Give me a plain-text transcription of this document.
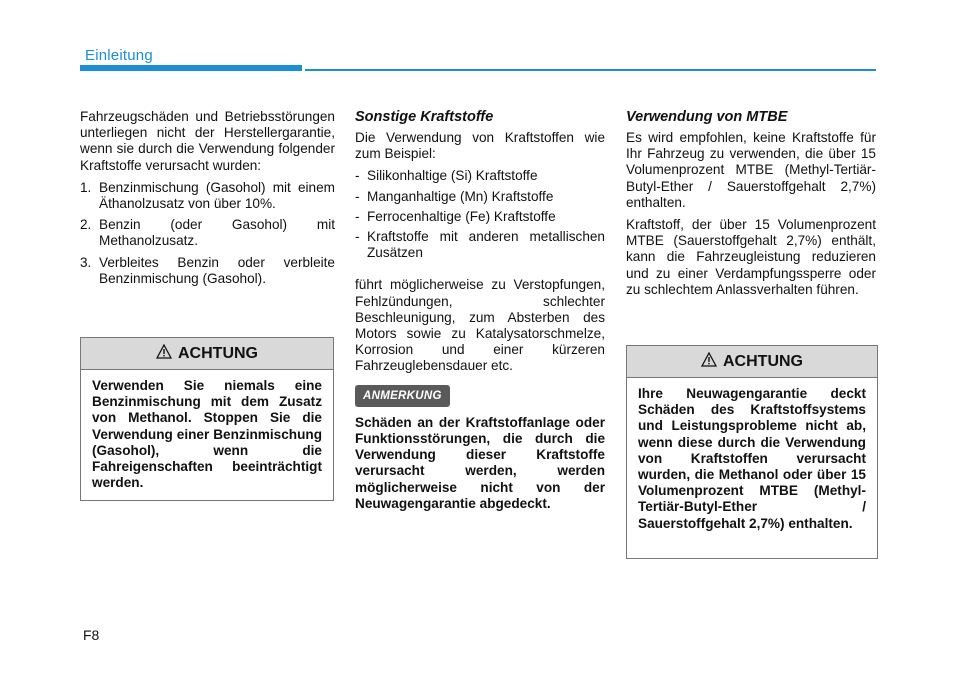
Einleitung

Fahrzeugschäden und Betriebsstörungen unterliegen nicht der Herstellergarantie, wenn sie durch die Verwendung folgender Kraftstoffe verursacht wurden:

1. Benzinmischung (Gasohol) mit einem Äthanolzusatz von über 10%.
2. Benzin (oder Gasohol) mit Methanolzusatz.
3. Verbleites Benzin oder verbleite Benzinmischung (Gasohol).
ACHTUNG
Verwenden Sie niemals eine Benzinmischung mit dem Zusatz von Methanol. Stoppen Sie die Verwendung einer Benzinmischung (Gasohol), wenn die Fahreigenschaften beeinträchtigt werden.
Sonstige Kraftstoffe

Die Verwendung von Kraftstoffen wie zum Beispiel:

- Silikonhaltige (Si) Kraftstoffe
- Manganhaltige (Mn) Kraftstoffe
- Ferrocenhaltige (Fe) Kraftstoffe
- Kraftstoffe mit anderen metallischen Zusätzen

führt möglicherweise zu Verstopfungen, Fehlzündungen, schlechter Beschleunigung, zum Absterben des Motors sowie zu Katalysatorschmelze, Korrosion und einer kürzeren Fahrzeuglebensdauer etc.

ANMERKUNG
Schäden an der Kraftstoffanlage oder Funktionsstörungen, die durch die Verwendung dieser Kraftstoffe verursacht werden, werden möglicherweise nicht von der Neuwagengarantie abgedeckt.
Verwendung von MTBE

Es wird empfohlen, keine Kraftstoffe für Ihr Fahrzeug zu verwenden, die über 15 Volumenprozent MTBE (Methyl-Tertiär-Butyl-Ether / Sauerstoffgehalt 2,7%) enthalten.

Kraftstoff, der über 15 Volumenprozent MTBE (Sauerstoffgehalt 2,7%) enthält, kann die Fahrzeugleistung reduzieren und zu einer Verdampfungssperre oder zu schlechtem Anlassverhalten führen.

ACHTUNG
Ihre Neuwagengarantie deckt Schäden des Kraftstoffsystems und Leistungsprobleme nicht ab, wenn diese durch die Verwendung von Kraftstoffen verursacht wurden, die Methanol oder über 15 Volumenprozent MTBE (Methyl-Tertiär-Butyl-Ether / Sauerstoffgehalt 2,7%) enthalten.
F8
